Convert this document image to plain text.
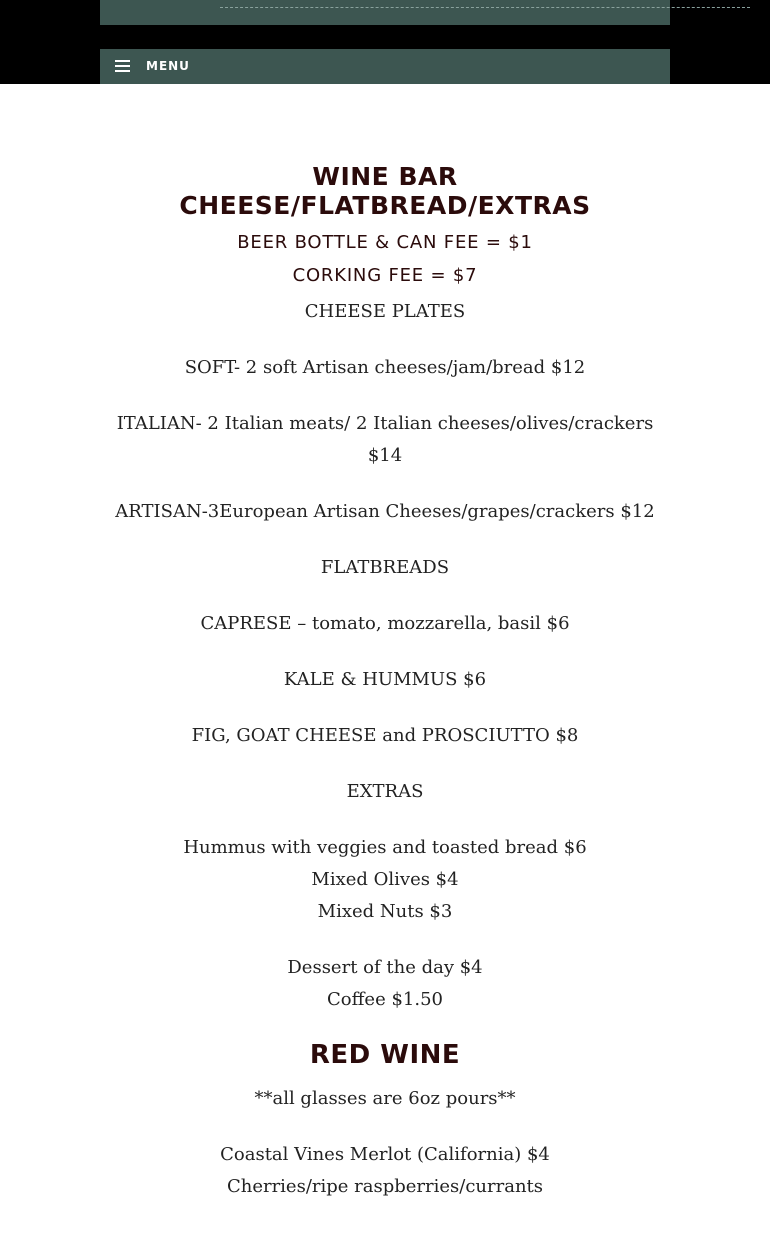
MENU
WINE BAR
CHEESE/FLATBREAD/EXTRAS
BEER BOTTLE & CAN FEE = $1
CORKING FEE = $7

CHEESE PLATES

SOFT- 2 soft Artisan cheeses/jam/bread $12

ITALIAN- 2 Italian meats/ 2 Italian cheeses/olives/crackers $14

ARTISAN-3European Artisan Cheeses/grapes/crackers $12

FLATBREADS

CAPRESE – tomato, mozzarella, basil $6

KALE & HUMMUS $6

FIG, GOAT CHEESE and PROSCIUTTO $8

EXTRAS

Hummus with veggies and toasted bread $6
Mixed Olives $4
Mixed Nuts $3

Dessert of the day $4
Coffee $1.50

RED WINE

**all glasses are 6oz pours**

Coastal Vines Merlot (California) $4
Cherries/ripe raspberries/currants
